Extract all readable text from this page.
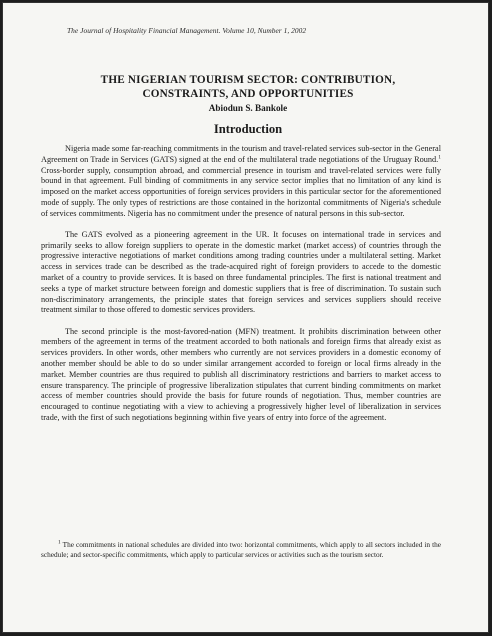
The Journal of Hospitality Financial Management. Volume 10, Number 1, 2002
THE NIGERIAN TOURISM SECTOR: CONTRIBUTION,
CONSTRAINTS, AND OPPORTUNITIES
Abiodun S. Bankole
Introduction

Nigeria made some far-reaching commitments in the tourism and travel-related services sub-sector in the General Agreement on Trade in Services (GATS) signed at the end of the multilateral trade negotiations of the Uruguay Round.$^1$ Cross-border supply, consumption abroad, and commercial presence in tourism and travel-related services were fully bound in that agreement. Full binding of commitments in any service sector implies that no limitation of any kind is imposed on the market access opportunities of foreign services providers in this particular sector for the aforementioned mode of supply. The only types of restrictions are those contained in the horizontal commitments of Nigeria's schedule of services commitments. Nigeria has no commitment under the presence of natural persons in this sub-sector.

The GATS evolved as a pioneering agreement in the UR. It focuses on international trade in services and primarily seeks to allow foreign suppliers to operate in the domestic market (market access) of countries through the progressive interactive negotiations of market conditions among trading countries under a multilateral setting. Market access in services trade can be described as the trade-acquired right of foreign providers to accede to the domestic market of a country to provide services. It is based on three fundamental principles. The first is national treatment and seeks a type of market structure between foreign and domestic suppliers that is free of discrimination. To sustain such non-discriminatory arrangements, the principle states that foreign services and services suppliers should receive treatment similar to those offered to domestic services providers.

The second principle is the most-favored-nation (MFN) treatment. It prohibits discrimination between other members of the agreement in terms of the treatment accorded to both nationals and foreign firms that already exist as services providers. In other words, other members who currently are not services providers in a domestic economy of another member should be able to do so under similar arrangement accorded to foreign or local firms already in the market. Member countries are thus required to publish all discriminatory restrictions and barriers to market access to ensure transparency. The principle of progressive liberalization stipulates that current binding commitments on market access of member countries should provide the basis for future rounds of negotiation. Thus, member countries are encouraged to continue negotiating with a view to achieving a progressively higher level of liberalization in services trade, with the first of such negotiations beginning within five years of entry into force of the agreement.

$^1$ The commitments in national schedules are divided into two: horizontal commitments, which apply to all sectors included in the schedule; and sector-specific commitments, which apply to particular services or activities such as the tourism sector.
